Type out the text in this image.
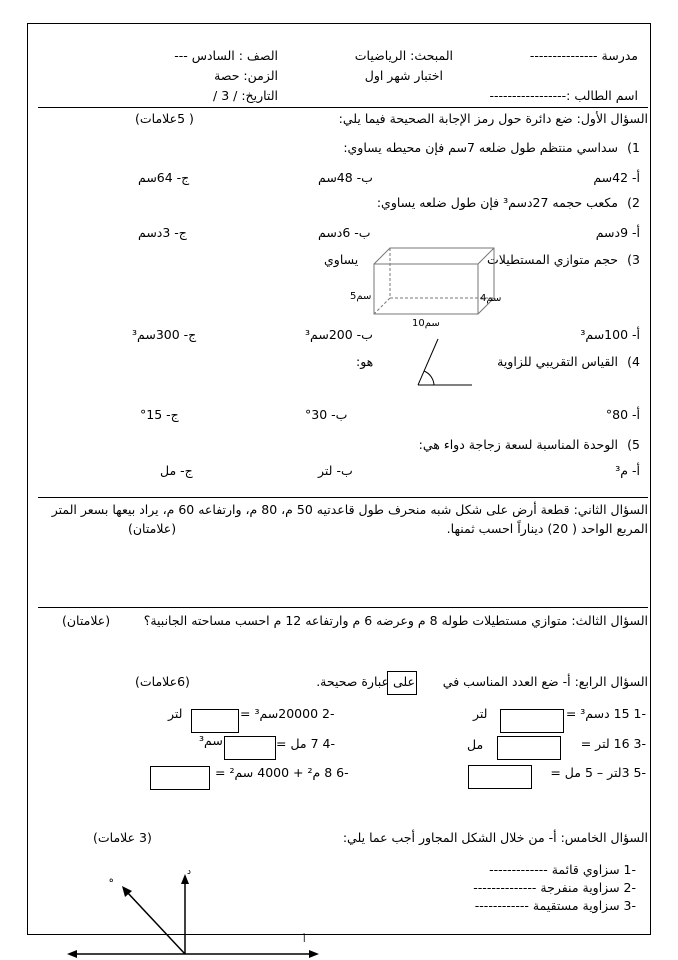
مدرسة ---------------
المبحث: الرياضيات
الصف : السادس ---
اختبار شهر اول
الزمن: حصة
اسم الطالب :-----------------
التاريخ: / 3 /
السؤال الأول: ضع دائرة حول رمز الإجابة الصحيحة فيما يلي:
( 5علامات)
1)
سداسي منتظم طول ضلعه 7سم فإن محيطه يساوي:
أ- 42سم
ب- 48سم
ج- 64سم
2)
مكعب حجمه 27دسم³ فإن طول ضلعه يساوي:
أ- 9دسم
ب- 6دسم
ج- 3دسم
3)
حجم متوازي المستطيلات
يساوي
5سم	4سم
10سم
أ- 100سم³
ب- 200سم³
ج- 300سم³
4)
القياس التقريبي للزاوية
هو:
أ- 80°
ب- 30°
ج- 15°
5)
الوحدة المناسبة لسعة زجاجة دواء هي:
أ- م³
ب- لتر
ج- مل
السؤال الثاني: قطعة أرض على شكل شبه منحرف طول قاعدتيه 50 م، 80 م، وارتفاعه 60 م، يراد بيعها بسعر المتر
المربع الواحد ( 20) ديناراً احسب ثمنها.
(علامتان)
السؤال الثالث: متوازي مستطيلات طوله 8 م وعرضه 6 م وارتفاعه 12 م احسب مساحته الجانبية؟
(علامتان)
السؤال الرابع: أ- ضع العدد المناسب في
على عبارة صحيحة.
(6علامات)
-1 15 دسم³ =
لتر
-2 20000سم³ =
لتر
-3 16 لتر =
مل
-4 7 مل =
سم³
-5 3لتر – 5 مل =
-6 8 م² + 4000 سم² =
السؤال الخامس: أ- من خلال الشكل المجاور أجب عما يلي:
(3 علامات)
-1 سزاوي قائمة -------------
-2 سزاوية منفرجة --------------
-3 سزاوية مستقيمة ------------
د
ه
أ
